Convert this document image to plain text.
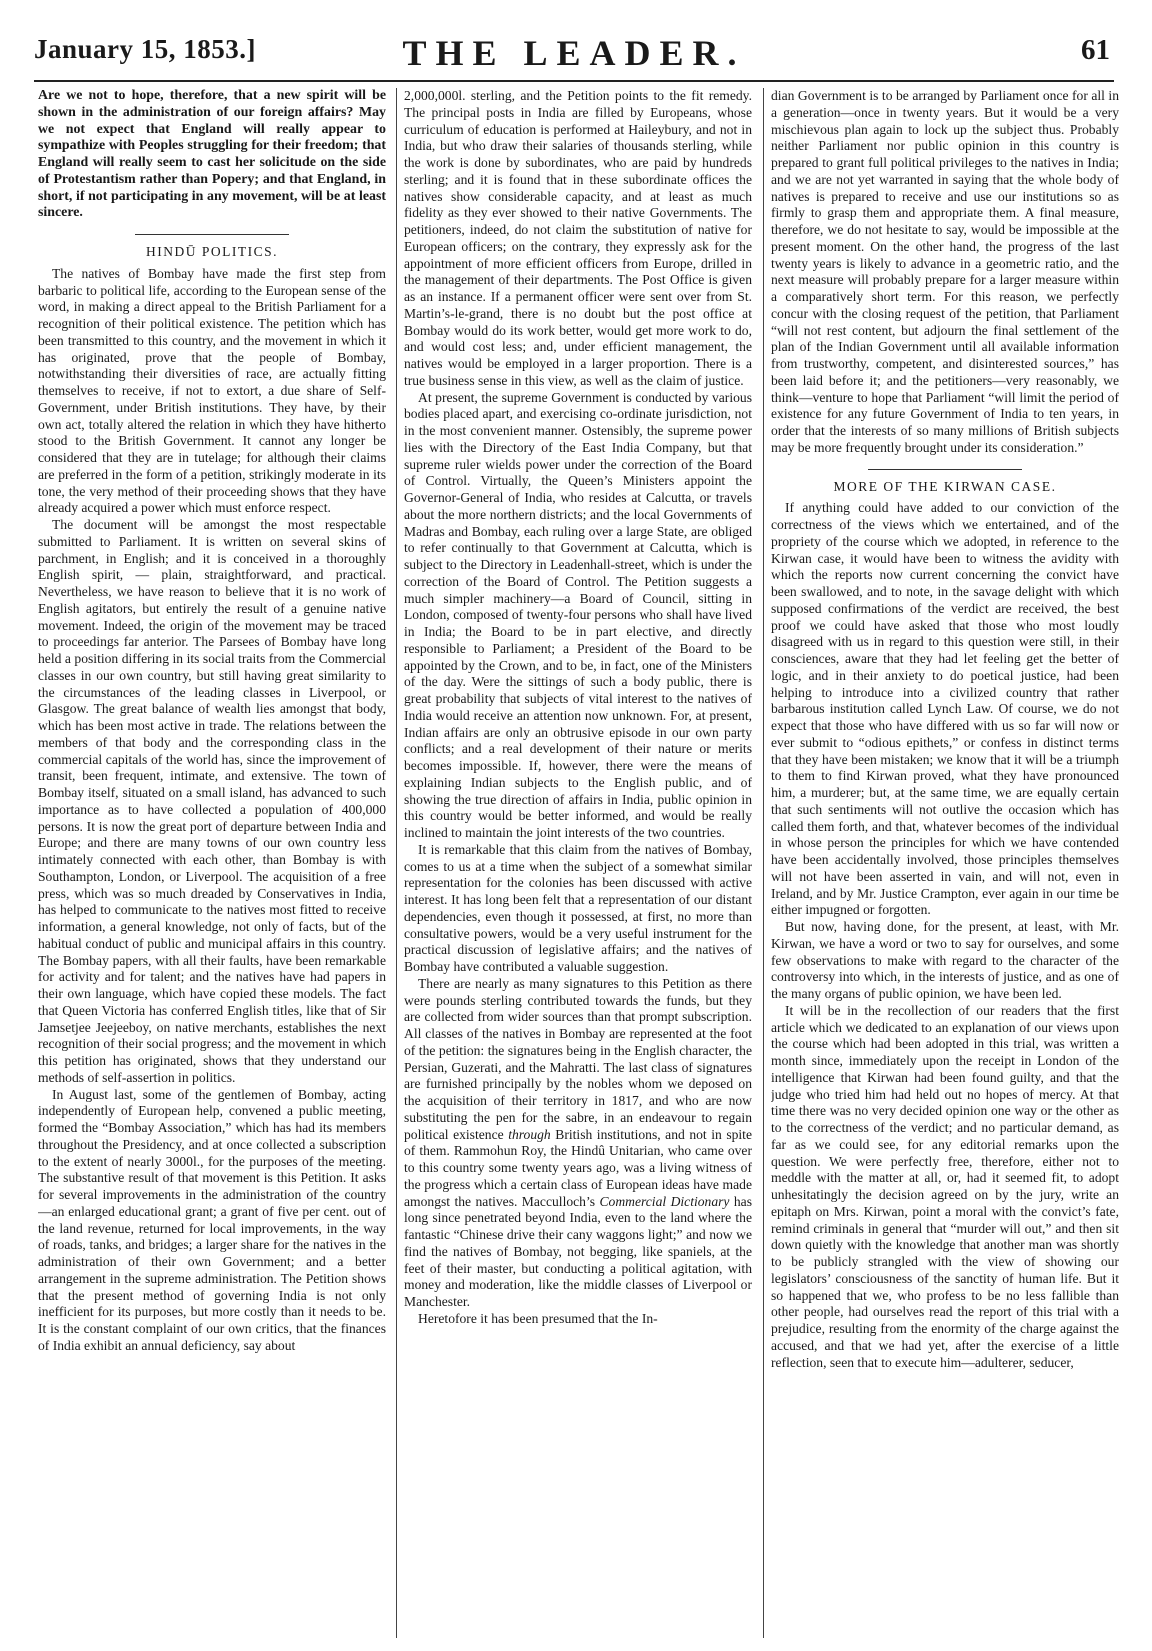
January 15, 1853.]	THE LEADER.	61

Are we not to hope, therefore, that a new spirit will be shown in the administration of our foreign affairs? May we not expect that England will really appear to sympathize with Peoples struggling for their freedom; that England will really seem to cast her solicitude on the side of Protestantism rather than Popery; and that England, in short, if not participating in any movement, will be at least sincere.

HINDŪ POLITICS.

The natives of Bombay have made the first step from barbaric to political life, according to the European sense of the word, in making a direct appeal to the British Parliament for a recognition of their political existence. The petition which has been transmitted to this country, and the movement in which it has originated, prove that the people of Bombay, notwithstanding their diversities of race, are actually fitting themselves to receive, if not to extort, a due share of Self-Government, under British institutions. They have, by their own act, totally altered the relation in which they have hitherto stood to the British Government. It cannot any longer be considered that they are in tutelage; for although their claims are preferred in the form of a petition, strikingly moderate in its tone, the very method of their proceeding shows that they have already acquired a power which must enforce respect.

The document will be amongst the most respectable submitted to Parliament. It is written on several skins of parchment, in English; and it is conceived in a thoroughly English spirit, — plain, straightforward, and practical. Nevertheless, we have reason to believe that it is no work of English agitators, but entirely the result of a genuine native movement. Indeed, the origin of the movement may be traced to proceedings far anterior. The Parsees of Bombay have long held a position differing in its social traits from the Commercial classes in our own country, but still having great similarity to the circumstances of the leading classes in Liverpool, or Glasgow. The great balance of wealth lies amongst that body, which has been most active in trade. The relations between the members of that body and the corresponding class in the commercial capitals of the world has, since the improvement of transit, been frequent, intimate, and extensive. The town of Bombay itself, situated on a small island, has advanced to such importance as to have collected a population of 400,000 persons. It is now the great port of departure between India and Europe; and there are many towns of our own country less intimately connected with each other, than Bombay is with Southampton, London, or Liverpool. The acquisition of a free press, which was so much dreaded by Conservatives in India, has helped to communicate to the natives most fitted to receive information, a general knowledge, not only of facts, but of the habitual conduct of public and municipal affairs in this country. The Bombay papers, with all their faults, have been remarkable for activity and for talent; and the natives have had papers in their own language, which have copied these models. The fact that Queen Victoria has conferred English titles, like that of Sir Jamsetjee Jeejeeboy, on native merchants, establishes the next recognition of their social progress; and the movement in which this petition has originated, shows that they understand our methods of self-assertion in politics.

In August last, some of the gentlemen of Bombay, acting independently of European help, convened a public meeting, formed the “Bombay Association,” which has had its members throughout the Presidency, and at once collected a subscription to the extent of nearly 3000l., for the purposes of the meeting. The substantive result of that movement is this Petition. It asks for several improvements in the administration of the country—an enlarged educational grant; a grant of five per cent. out of the land revenue, returned for local improvements, in the way of roads, tanks, and bridges; a larger share for the natives in the administration of their own Government; and a better arrangement in the supreme administration. The Petition shows that the present method of governing India is not only inefficient for its purposes, but more costly than it needs to be. It is the constant complaint of our own critics, that the finances of India exhibit an annual deficiency, say about

2,000,000l. sterling, and the Petition points to the fit remedy. The principal posts in India are filled by Europeans, whose curriculum of education is performed at Haileybury, and not in India, but who draw their salaries of thousands sterling, while the work is done by subordinates, who are paid by hundreds sterling; and it is found that in these subordinate offices the natives show considerable capacity, and at least as much fidelity as they ever showed to their native Governments. The petitioners, indeed, do not claim the substitution of native for European officers; on the contrary, they expressly ask for the appointment of more efficient officers from Europe, drilled in the management of their departments. The Post Office is given as an instance. If a permanent officer were sent over from St. Martin’s-le-grand, there is no doubt but the post office at Bombay would do its work better, would get more work to do, and would cost less; and, under efficient management, the natives would be employed in a larger proportion. There is a true business sense in this view, as well as the claim of justice.

At present, the supreme Government is conducted by various bodies placed apart, and exercising co-ordinate jurisdiction, not in the most convenient manner. Ostensibly, the supreme power lies with the Directory of the East India Company, but that supreme ruler wields power under the correction of the Board of Control. Virtually, the Queen’s Ministers appoint the Governor-General of India, who resides at Calcutta, or travels about the more northern districts; and the local Governments of Madras and Bombay, each ruling over a large State, are obliged to refer continually to that Government at Calcutta, which is subject to the Directory in Leadenhall-street, which is under the correction of the Board of Control. The Petition suggests a much simpler machinery—a Board of Council, sitting in London, composed of twenty-four persons who shall have lived in India; the Board to be in part elective, and directly responsible to Parliament; a President of the Board to be appointed by the Crown, and to be, in fact, one of the Ministers of the day. Were the sittings of such a body public, there is great probability that subjects of vital interest to the natives of India would receive an attention now unknown. For, at present, Indian affairs are only an obtrusive episode in our own party conflicts; and a real development of their nature or merits becomes impossible. If, however, there were the means of explaining Indian subjects to the English public, and of showing the true direction of affairs in India, public opinion in this country would be better informed, and would be really inclined to maintain the joint interests of the two countries.

It is remarkable that this claim from the natives of Bombay, comes to us at a time when the subject of a somewhat similar representation for the colonies has been discussed with active interest. It has long been felt that a representation of our distant dependencies, even though it possessed, at first, no more than consultative powers, would be a very useful instrument for the practical discussion of legislative affairs; and the natives of Bombay have contributed a valuable suggestion.

There are nearly as many signatures to this Petition as there were pounds sterling contributed towards the funds, but they are collected from wider sources than that prompt subscription. All classes of the natives in Bombay are represented at the foot of the petition: the signatures being in the English character, the Persian, Guzerati, and the Mahratti. The last class of signatures are furnished principally by the nobles whom we deposed on the acquisition of their territory in 1817, and who are now substituting the pen for the sabre, in an endeavour to regain political existence through British institutions, and not in spite of them. Rammohun Roy, the Hindû Unitarian, who came over to this country some twenty years ago, was a living witness of the progress which a certain class of European ideas have made amongst the natives. Macculloch’s Commercial Dictionary has long since penetrated beyond India, even to the land where the fantastic “Chinese drive their cany waggons light;” and now we find the natives of Bombay, not begging, like spaniels, at the feet of their master, but conducting a political agitation, with money and moderation, like the middle classes of Liverpool or Manchester.

Heretofore it has been presumed that the In-

dian Government is to be arranged by Parliament once for all in a generation—once in twenty years. But it would be a very mischievous plan again to lock up the subject thus. Probably neither Parliament nor public opinion in this country is prepared to grant full political privileges to the natives in India; and we are not yet warranted in saying that the whole body of natives is prepared to receive and use our institutions so as firmly to grasp them and appropriate them. A final measure, therefore, we do not hesitate to say, would be impossible at the present moment. On the other hand, the progress of the last twenty years is likely to advance in a geometric ratio, and the next measure will probably prepare for a larger measure within a comparatively short term. For this reason, we perfectly concur with the closing request of the petition, that Parliament “will not rest content, but adjourn the final settlement of the plan of the Indian Government until all available information from trustworthy, competent, and disinterested sources,” has been laid before it; and the petitioners—very reasonably, we think—venture to hope that Parliament “will limit the period of existence for any future Government of India to ten years, in order that the interests of so many millions of British subjects may be more frequently brought under its consideration.”

MORE OF THE KIRWAN CASE.

If anything could have added to our conviction of the correctness of the views which we entertained, and of the propriety of the course which we adopted, in reference to the Kirwan case, it would have been to witness the avidity with which the reports now current concerning the convict have been swallowed, and to note, in the savage delight with which supposed confirmations of the verdict are received, the best proof we could have asked that those who most loudly disagreed with us in regard to this question were still, in their consciences, aware that they had let feeling get the better of logic, and in their anxiety to do poetical justice, had been helping to introduce into a civilized country that rather barbarous institution called Lynch Law. Of course, we do not expect that those who have differed with us so far will now or ever submit to “odious epithets,” or confess in distinct terms that they have been mistaken; we know that it will be a triumph to them to find Kirwan proved, what they have pronounced him, a murderer; but, at the same time, we are equally certain that such sentiments will not outlive the occasion which has called them forth, and that, whatever becomes of the individual in whose person the principles for which we have contended have been accidentally involved, those principles themselves will not have been asserted in vain, and will not, even in Ireland, and by Mr. Justice Crampton, ever again in our time be either impugned or forgotten.

But now, having done, for the present, at least, with Mr. Kirwan, we have a word or two to say for ourselves, and some few observations to make with regard to the character of the controversy into which, in the interests of justice, and as one of the many organs of public opinion, we have been led.

It will be in the recollection of our readers that the first article which we dedicated to an explanation of our views upon the course which had been adopted in this trial, was written a month since, immediately upon the receipt in London of the intelligence that Kirwan had been found guilty, and that the judge who tried him had held out no hopes of mercy. At that time there was no very decided opinion one way or the other as to the correctness of the verdict; and no particular demand, as far as we could see, for any editorial remarks upon the question. We were perfectly free, therefore, either not to meddle with the matter at all, or, had it seemed fit, to adopt unhesitatingly the decision agreed on by the jury, write an epitaph on Mrs. Kirwan, point a moral with the convict’s fate, remind criminals in general that “murder will out,” and then sit down quietly with the knowledge that another man was shortly to be publicly strangled with the view of showing our legislators’ consciousness of the sanctity of human life. But it so happened that we, who profess to be no less fallible than other people, had ourselves read the report of this trial with a prejudice, resulting from the enormity of the charge against the accused, and that we had yet, after the exercise of a little reflection, seen that to execute him—adulterer, seducer,
